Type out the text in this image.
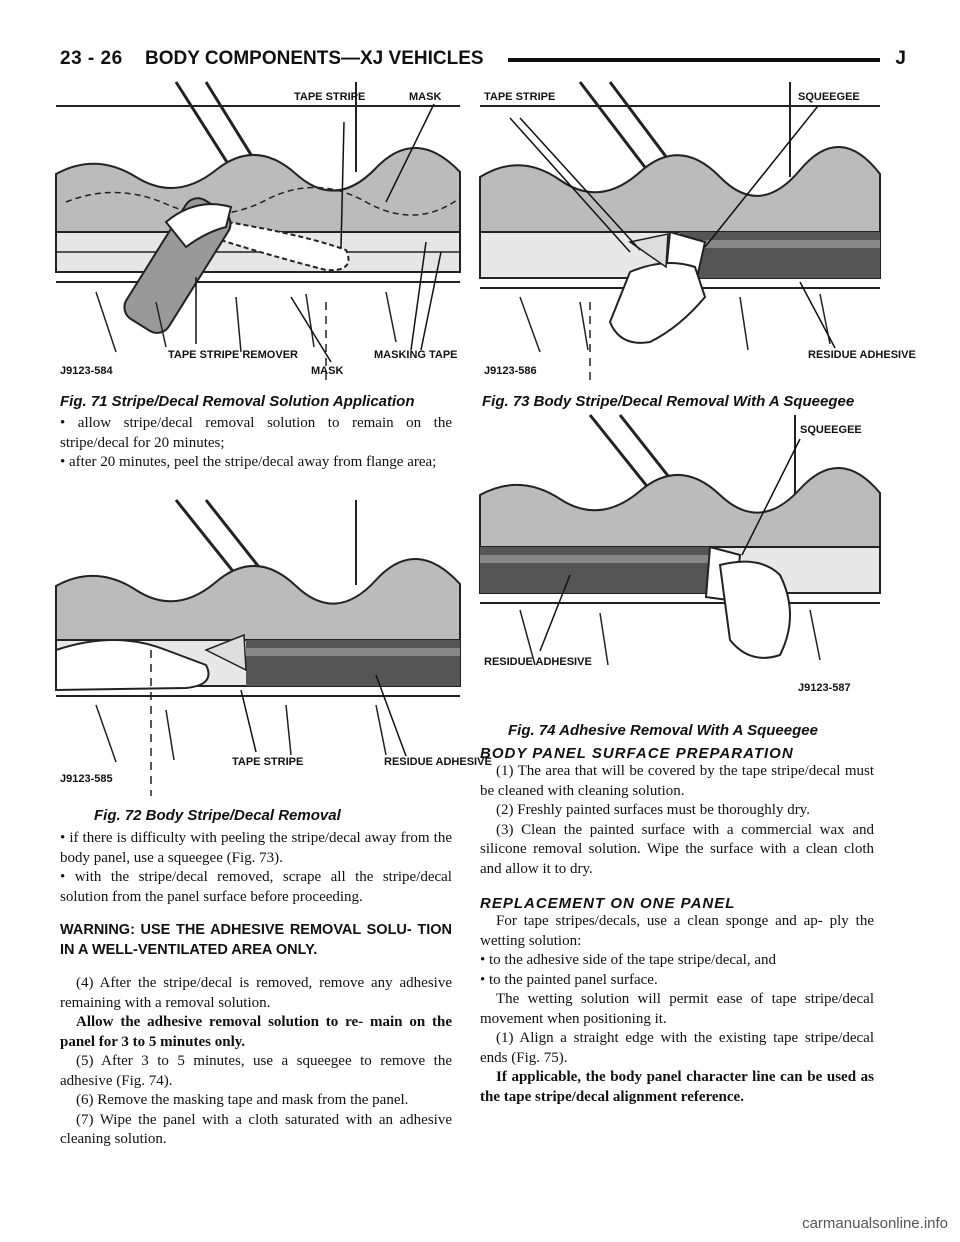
23 - 26 BODY COMPONENTS—XJ VEHICLES	J
TAPE STRIPE	MASK
TAPE STRIPE REMOVER
MASK
MASKING TAPE
J9123-584
Fig. 71 Stripe/Decal Removal Solution Application

• allow stripe/decal removal solution to remain on the stripe/decal for 20 minutes;

• after 20 minutes, peel the stripe/decal away from flange area;

TAPE STRIPE	RESIDUE ADHESIVE
J9123-585
Fig. 72 Body Stripe/Decal Removal

• if there is difficulty with peeling the stripe/decal away from the body panel, use a squeegee (Fig. 73).

• with the stripe/decal removed, scrape all the stripe/decal solution from the panel surface before proceeding.

WARNING: USE THE ADHESIVE REMOVAL SOLU- TION IN A WELL-VENTILATED AREA ONLY.

(4) After the stripe/decal is removed, remove any adhesive remaining with a removal solution.

Allow the adhesive removal solution to re- main on the panel for 3 to 5 minutes only.

(5) After 3 to 5 minutes, use a squeegee to remove the adhesive (Fig. 74).

(6) Remove the masking tape and mask from the panel.

(7) Wipe the panel with a cloth saturated with an adhesive cleaning solution.

TAPE STRIPE	SQUEEGEE
RESIDUE ADHESIVE
J9123-586
Fig. 73 Body Stripe/Decal Removal With A Squeegee
SQUEEGEE
RESIDUE ADHESIVE
J9123-587
Fig. 74 Adhesive Removal With A Squeegee

BODY PANEL SURFACE PREPARATION

(1) The area that will be covered by the tape stripe/decal must be cleaned with cleaning solution.

(2) Freshly painted surfaces must be thoroughly dry.

(3) Clean the painted surface with a commercial wax and silicone removal solution. Wipe the surface with a clean cloth and allow it to dry.

REPLACEMENT ON ONE PANEL

For tape stripes/decals, use a clean sponge and ap- ply the wetting solution:

• to the adhesive side of the tape stripe/decal, and

• to the painted panel surface.

The wetting solution will permit ease of tape stripe/decal movement when positioning it.

(1) Align a straight edge with the existing tape stripe/decal ends (Fig. 75).

If applicable, the body panel character line can be used as the tape stripe/decal alignment reference.

carmanualsonline.info
